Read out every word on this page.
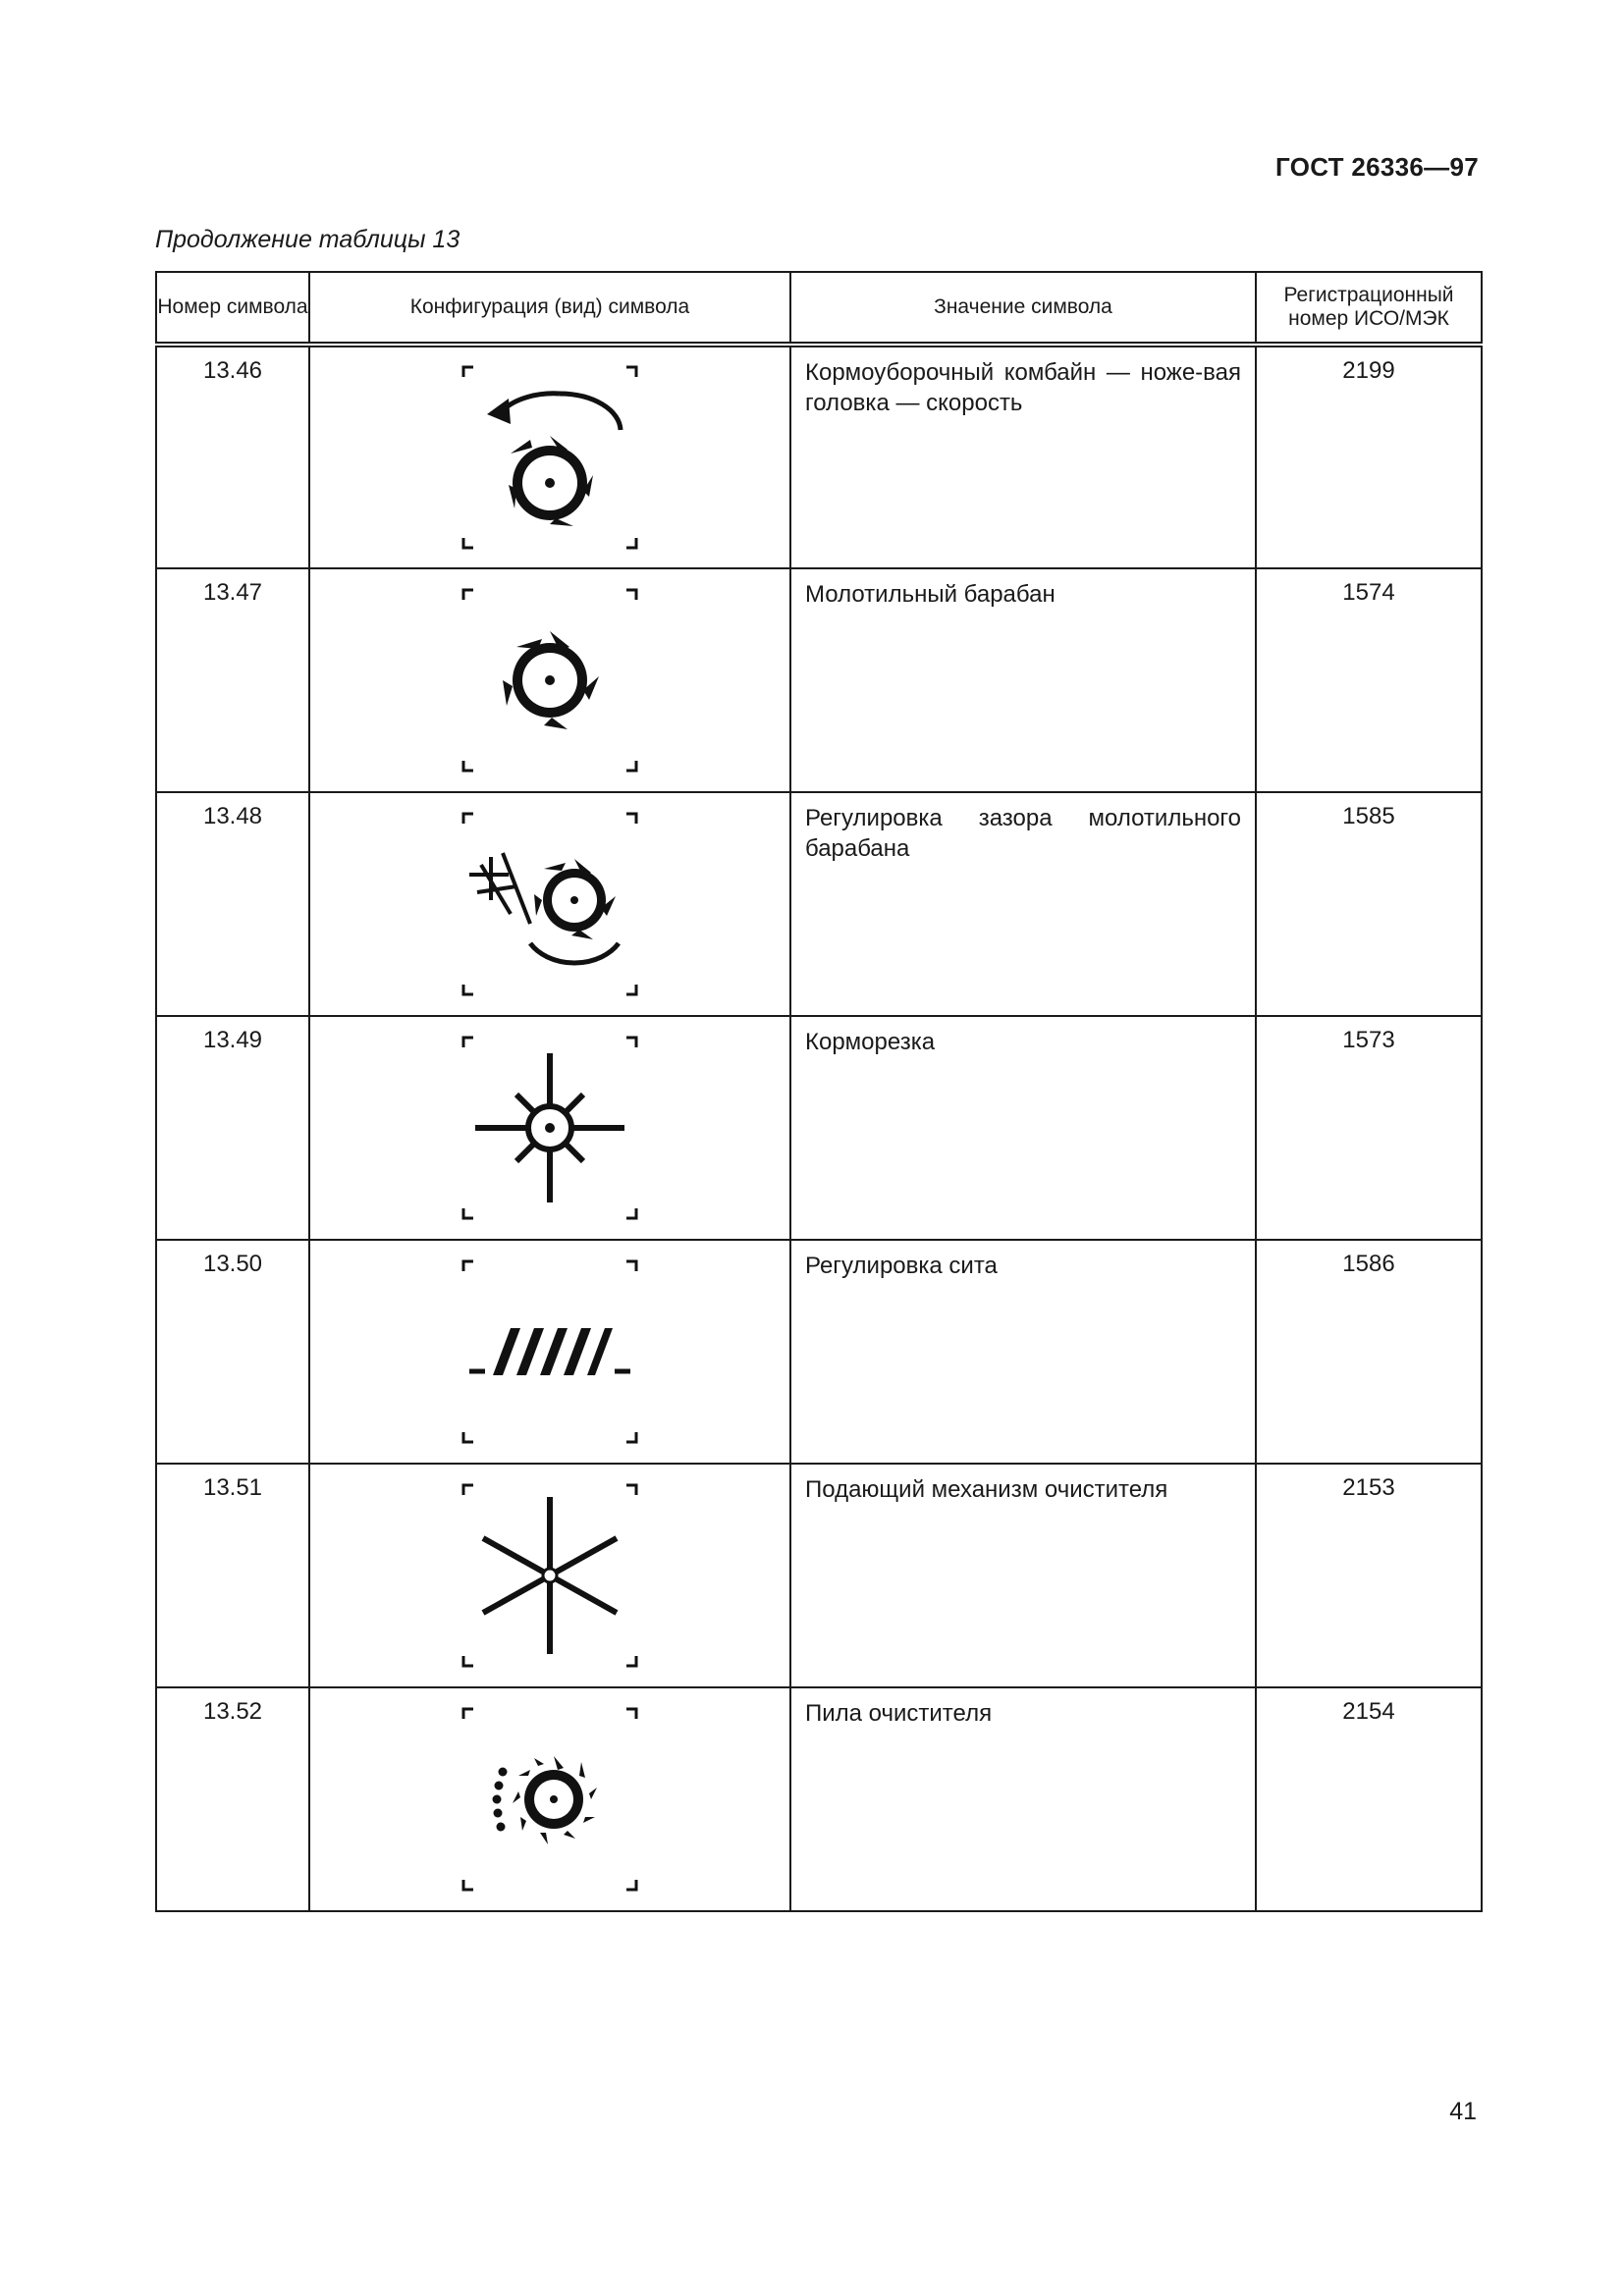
ГОСТ 26336—97
Продолжение таблицы 13
Номер символа	Конфигурация (вид) символа	Значение символа	Регистрационный номер ИСО/МЭК
13.46		Кормоуборочный комбайн — ноже-вая головка — скорость	2199
13.47		Молотильный барабан	1574
13.48		Регулировка зазора молотильного барабана	1585
13.49		Корморезка	1573
13.50		Регулировка сита	1586
13.51		Подающий механизм очистителя	2153
13.52		Пила очистителя	2154
41
